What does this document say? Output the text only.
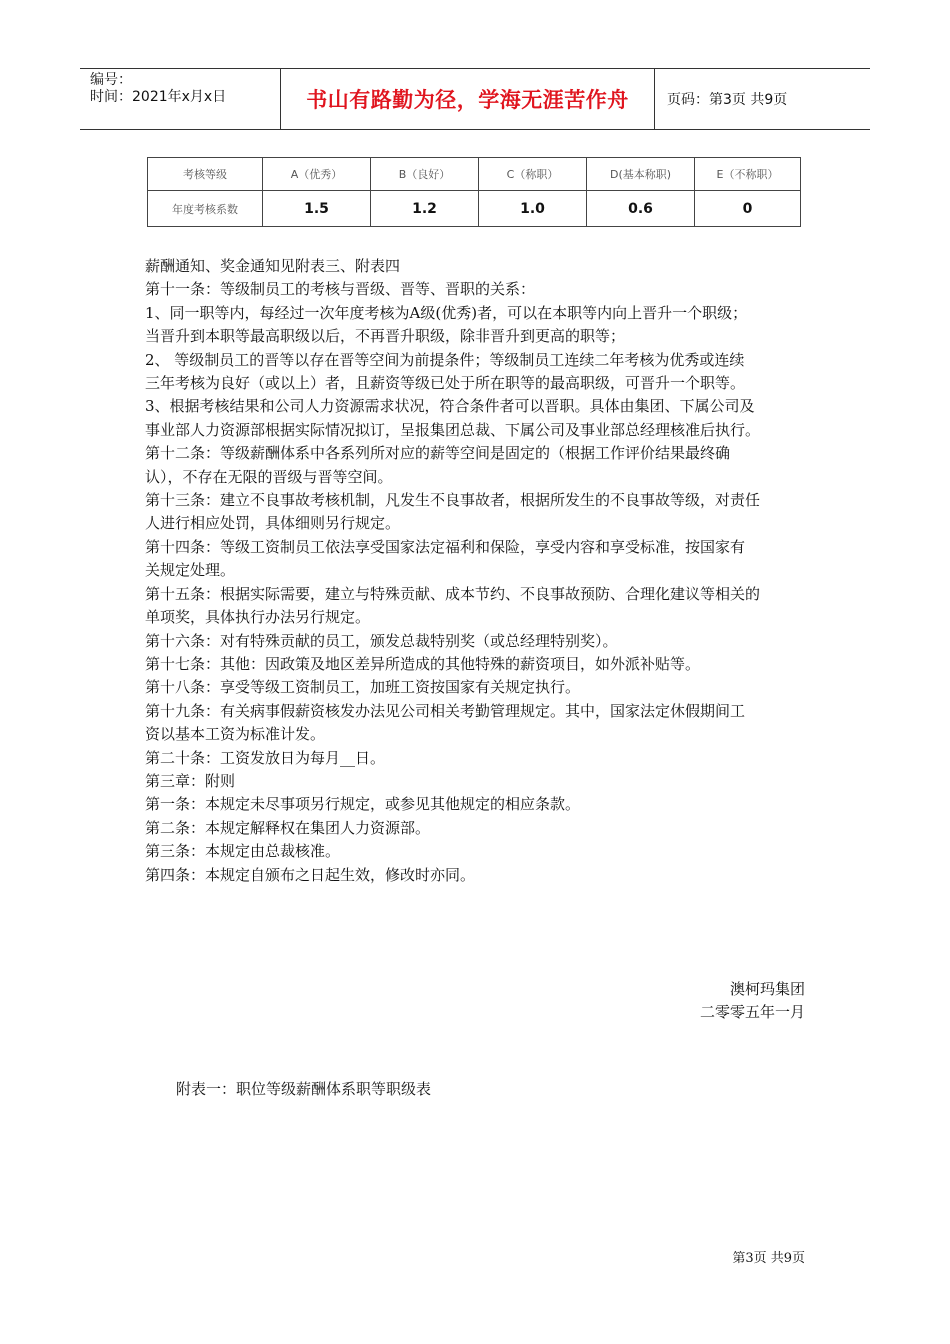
编号：
时间：2021年x月x日	书山有路勤为径，学海无涯苦作舟	页码：第3页 共9页
考核等级	A（优秀）	B（良好）	C（称职）	D(基本称职)	E（不称职）
年度考核系数	1.5	1.2	1.0	0.6	0

薪酬通知、奖金通知见附表三、附表四

第十一条：等级制员工的考核与晋级、晋等、晋职的关系：

1、同一职等内，每经过一次年度考核为A级(优秀)者，可以在本职等内向上晋升一个职级；

当晋升到本职等最高职级以后，不再晋升职级，除非晋升到更高的职等；

2、 等级制员工的晋等以存在晋等空间为前提条件；等级制员工连续二年考核为优秀或连续

三年考核为良好（或以上）者，且薪资等级已处于所在职等的最高职级，可晋升一个职等。

3、根据考核结果和公司人力资源需求状况，符合条件者可以晋职。具体由集团、下属公司及

事业部人力资源部根据实际情况拟订，呈报集团总裁、下属公司及事业部总经理核准后执行。

第十二条：等级薪酬体系中各系列所对应的薪等空间是固定的（根据工作评价结果最终确

认），不存在无限的晋级与晋等空间。

第十三条：建立不良事故考核机制，凡发生不良事故者，根据所发生的不良事故等级，对责任

人进行相应处罚，具体细则另行规定。

第十四条：等级工资制员工依法享受国家法定福利和保险，享受内容和享受标准，按国家有

关规定处理。

第十五条：根据实际需要，建立与特殊贡献、成本节约、不良事故预防、合理化建议等相关的

单项奖，具体执行办法另行规定。

第十六条：对有特殊贡献的员工，颁发总裁特别奖（或总经理特别奖）。

第十七条：其他：因政策及地区差异所造成的其他特殊的薪资项目，如外派补贴等。

第十八条：享受等级工资制员工，加班工资按国家有关规定执行。

第十九条：有关病事假薪资核发办法见公司相关考勤管理规定。其中，国家法定休假期间工

资以基本工资为标准计发。

第二十条：工资发放日为每月__日。

第三章：附则

第一条：本规定未尽事项另行规定，或参见其他规定的相应条款。

第二条：本规定解释权在集团人力资源部。

第三条：本规定由总裁核准。

第四条：本规定自颁布之日起生效，修改时亦同。

澳柯玛集团
二零零五年一月
附表一：职位等级薪酬体系职等职级表
第3页 共9页
